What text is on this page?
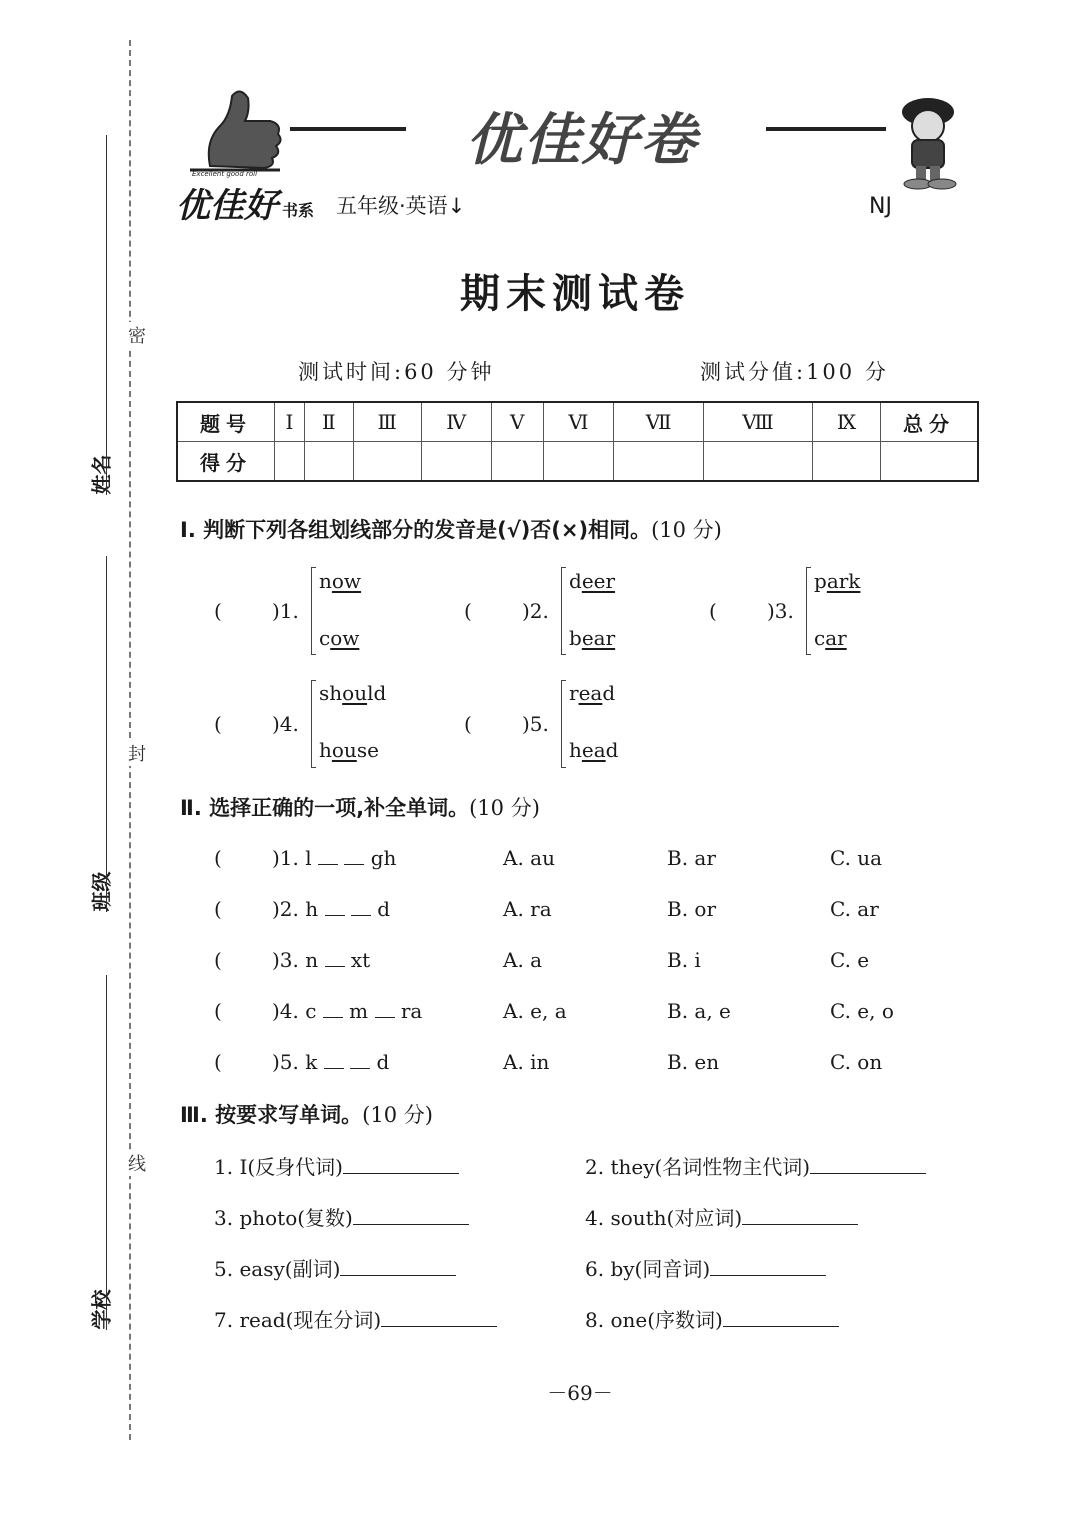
密
封
线
姓名
班级
学校
Excellent good roll
优佳好 书系 五年级·英语↓
优佳好卷
NJ
期末测试卷
测试时间:60 分钟	测试分值:100 分
题号	Ⅰ	Ⅱ	Ⅲ	Ⅳ	Ⅴ	Ⅵ	Ⅶ	Ⅷ	Ⅸ	总分
得分										
Ⅰ. 判断下列各组划线部分的发音是(√)否(×)相同。(10 分)
(	)1.
now
cow
(	)2.
deer
bear
(	)3.
park
car
(	)4.
should
house
(	)5.
read
head
Ⅱ. 选择正确的一项,补全单词。(10 分)
(	)1. l	gh	A. au	B. ar	C. ua
(	)2. h	d	A. ra	B. or	C. ar
(	)3. n xt	A. a	B. i	C. e
(	)4. c m ra	A. e, a	B. a, e	C. e, o
(	)5. k	d	A. in	B. en	C. on
Ⅲ. 按要求写单词。(10 分)
1. I(反身代词)	2. they(名词性物主代词)
3. photo(复数)	4. south(对应词)
5. easy(副词)	6. by(同音词)
7. read(现在分词)	8. one(序数词)
－69－
